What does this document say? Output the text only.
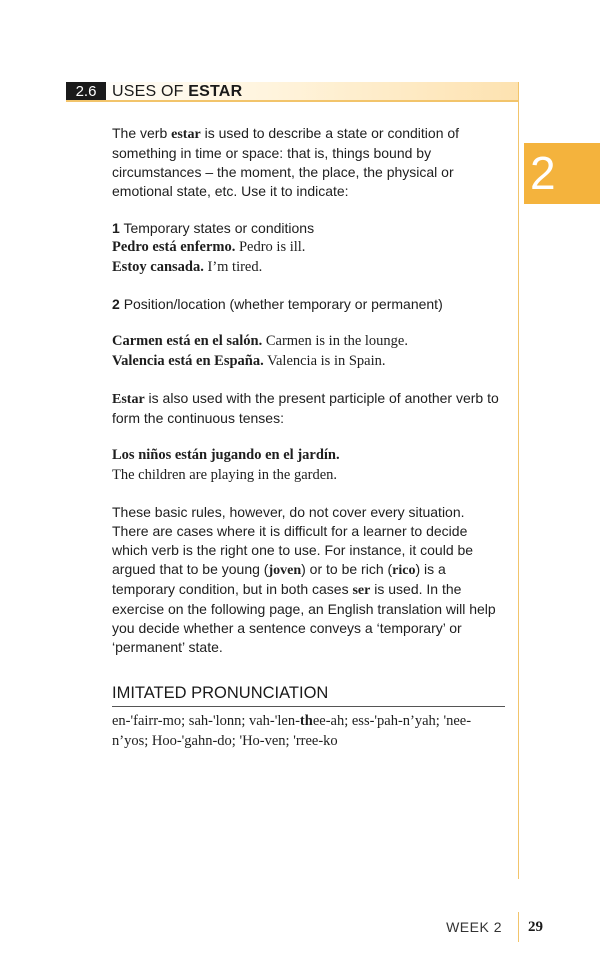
2.6 USES OF ESTAR
2

The verb estar is used to describe a state or condition of something in time or space: that is, things bound by circumstances – the moment, the place, the physical or emotional state, etc. Use it to indicate:

1 Temporary states or conditions

Pedro está enfermo. Pedro is ill.

Estoy cansada. I’m tired.

2 Position/location (whether temporary or permanent)

Carmen está en el salón. Carmen is in the lounge.

Valencia está en España. Valencia is in Spain.

Estar is also used with the present participle of another verb to form the continuous tenses:

Los niños están jugando en el jardín.

The children are playing in the garden.

These basic rules, however, do not cover every situation. There are cases where it is difficult for a learner to decide which verb is the right one to use. For instance, it could be argued that to be young (joven) or to be rich (rico) is a temporary condition, but in both cases ser is used. In the exercise on the following page, an English translation will help you decide whether a sentence conveys a ‘temporary’ or ‘permanent’ state.

IMITATED PRONUNCIATION
en-'fairr-mo; sah-'lonn; vah-'len-thee-ah; ess-'pah-n’yah; 'nee-n’yos; Hoo-'gahn-do; 'Ho-ven; 'rree-ko
WEEK 2 29
